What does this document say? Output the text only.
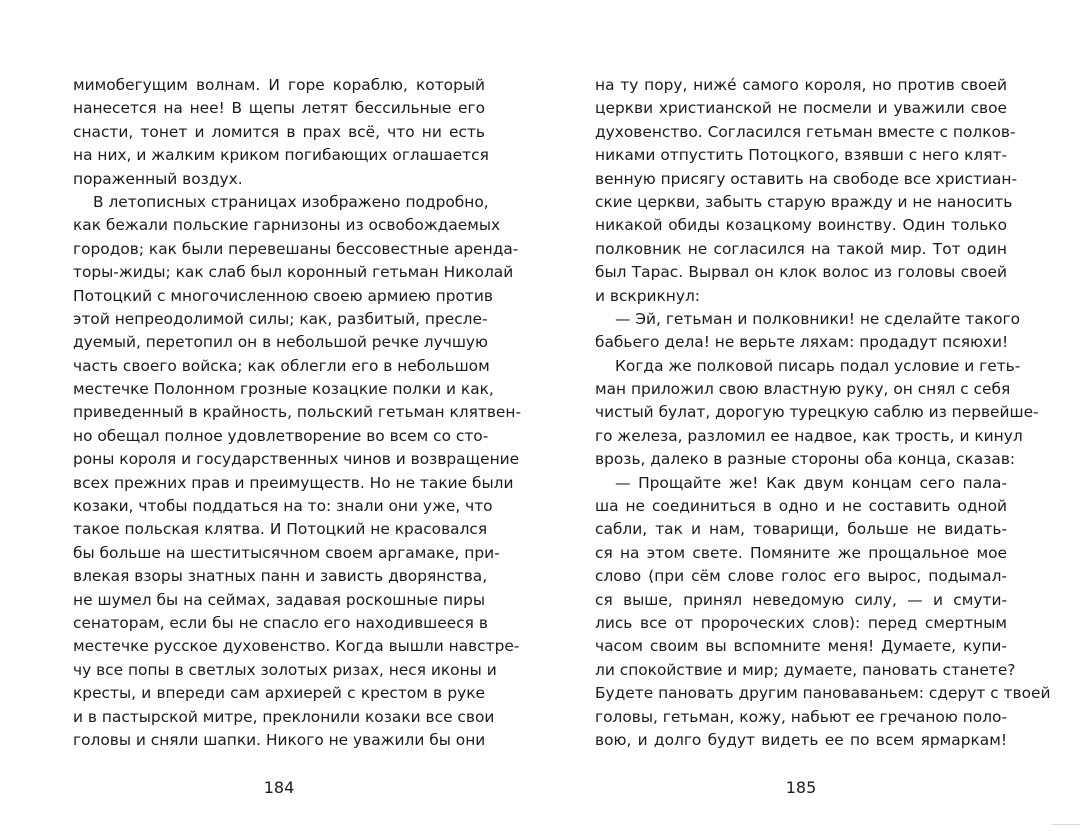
мимобегущим волнам. И горе кораблю, который
нанесется на нее! В щепы летят бессильные его
снасти, тонет и ломится в прах всё, что ни есть
на них, и жалким криком погибающих оглашается
пораженный воздух.
В летописных страницах изображено подробно,
как бежали польские гарнизоны из освобождаемых
городов; как были перевешаны бессовестные аренда-
торы-жиды; как слаб был коронный гетьман Николай
Потоцкий с многочисленною своею армиею против
этой непреодолимой силы; как, разбитый, пресле-
дуемый, перетопил он в небольшой речке лучшую
часть своего войска; как облегли его в небольшом
местечке Полонном грозные козацкие полки и как,
приведенный в крайность, польский гетьман клятвен-
но обещал полное удовлетворение во всем со сто-
роны короля и государственных чинов и возвращение
всех прежних прав и преимуществ. Но не такие были
козаки, чтобы поддаться на то: знали они уже, что
такое польская клятва. И Потоцкий не красовался
бы больше на шеститысячном своем аргамаке, при-
влекая взоры знатных панн и зависть дворянства,
не шумел бы на сеймах, задавая роскошные пиры
сенаторам, если бы не спасло его находившееся в
местечке русское духовенство. Когда вышли навстре-
чу все попы в светлых золотых ризах, неся иконы и
кресты, и впереди сам архиерей с крестом в руке
и в пастырской митре, преклонили козаки все свои
головы и сняли шапки. Никого не уважили бы они
на ту пору, ниже́ самого короля, но против своей
церкви христианской не посмели и уважили свое
духовенство. Согласился гетьман вместе с полков-
никами отпустить Потоцкого, взявши с него клят-
венную присягу оставить на свободе все христиан-
ские церкви, забыть старую вражду и не наносить
никакой обиды козацкому воинству. Один только
полковник не согласился на такой мир. Тот один
был Тарас. Вырвал он клок волос из головы своей
и вскрикнул:
— Эй, гетьман и полковники! не сделайте такого
бабьего дела! не верьте ляхам: продадут псяюхи!
Когда же полковой писарь подал условие и геть-
ман приложил свою властную руку, он снял с себя
чистый булат, дорогую турецкую саблю из первейше-
го железа, разломил ее надвое, как трость, и кинул
врозь, далеко в разные стороны оба конца, сказав:
— Прощайте же! Как двум концам сего пала-
ша не соединиться в одно и не составить одной
сабли, так и нам, товарищи, больше не видать-
ся на этом свете. Помяните же прощальное мое
слово (при сём слове голос его вырос, подымал-
ся выше, принял неведомую силу, — и смути-
лись все от пророческих слов): перед смертным
часом своим вы вспомните меня! Думаете, купи-
ли спокойствие и мир; думаете, пановать станете?
Будете пановать другим пановаваньем: сдерут с твоей
головы, гетьман, кожу, набьют ее гречаною поло-
вою, и долго будут видеть ее по всем ярмаркам!
184	185
